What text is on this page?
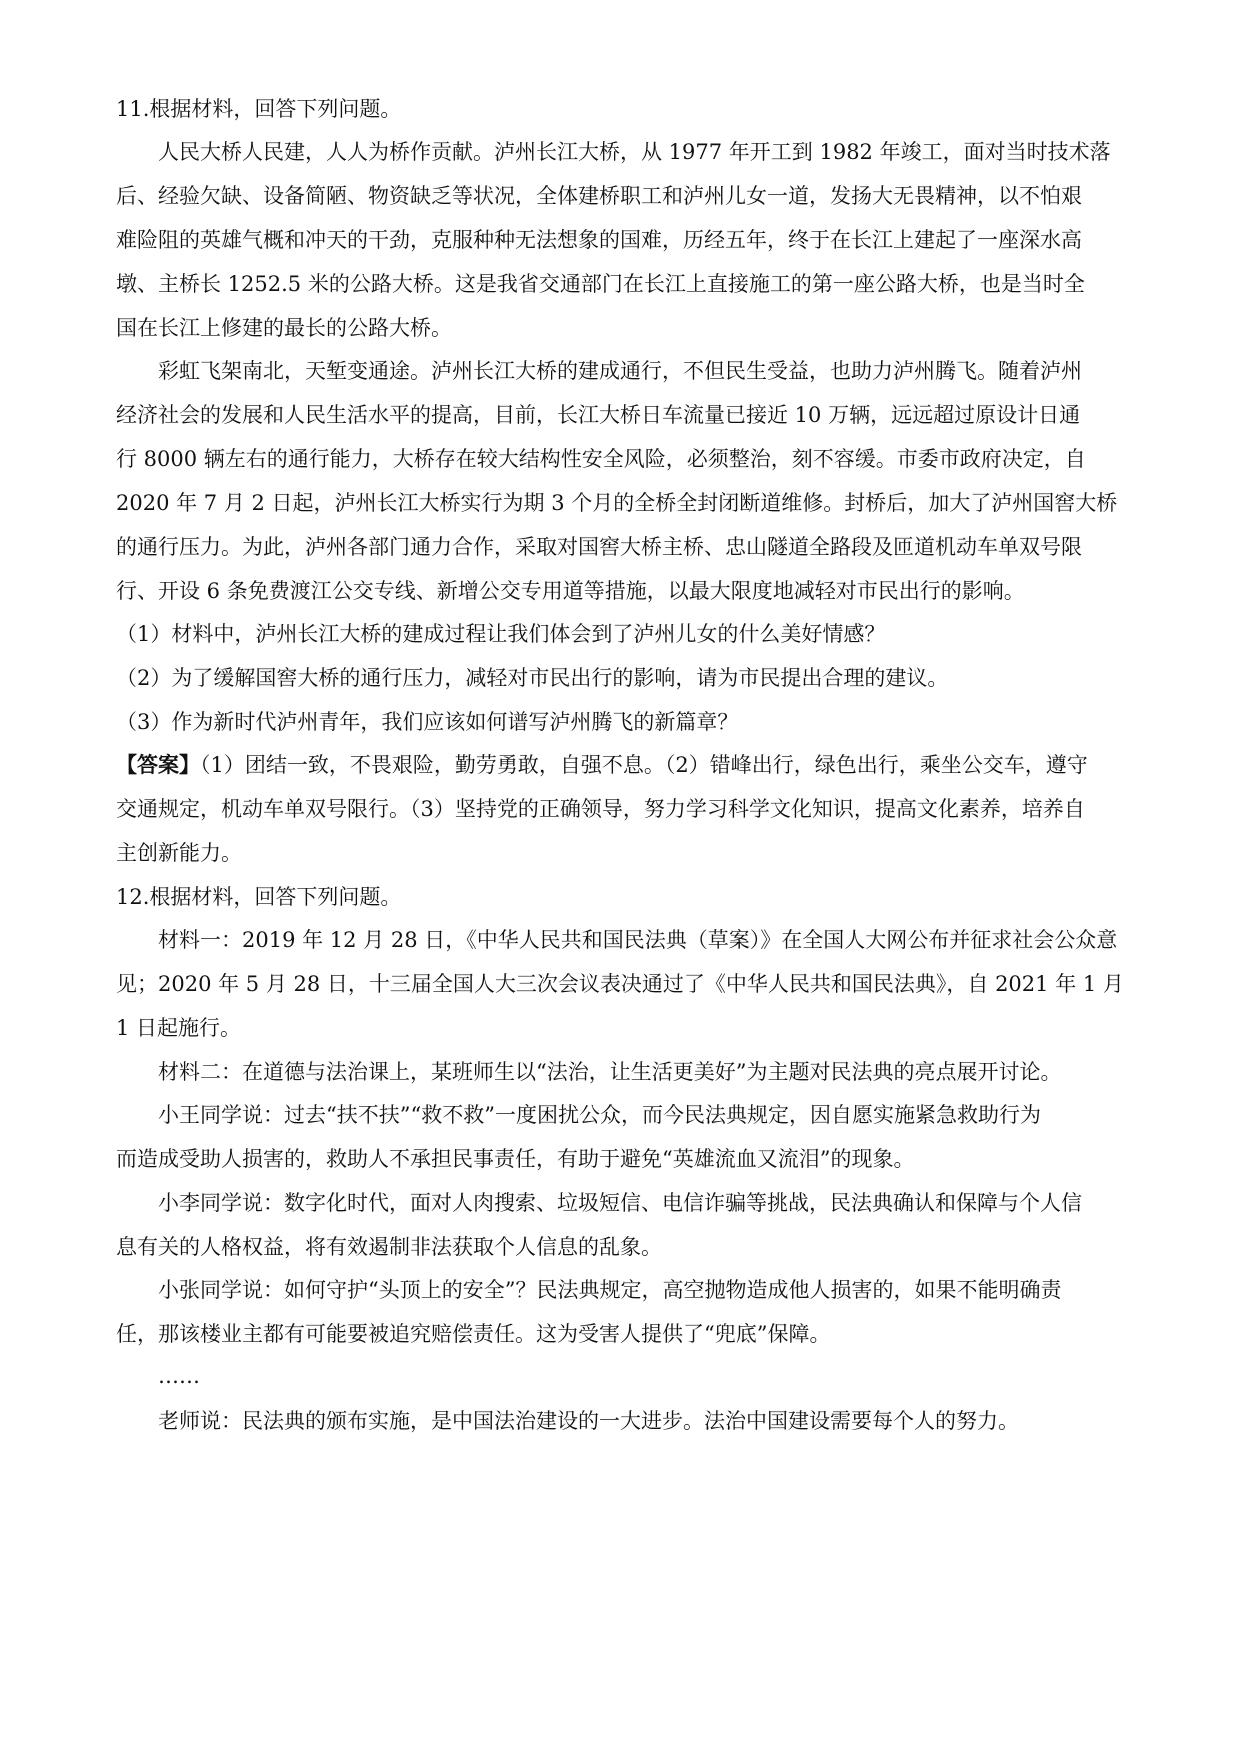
11.根据材料，回答下列问题。
人民大桥人民建，人人为桥作贡献。泸州长江大桥，从 1977 年开工到 1982 年竣工，面对当时技术落
后、经验欠缺、设备简陋、物资缺乏等状况，全体建桥职工和泸州儿女一道，发扬大无畏精神，以不怕艰
难险阻的英雄气概和冲天的干劲，克服种种无法想象的国难，历经五年，终于在长江上建起了一座深水高
墩、主桥长 1252.5 米的公路大桥。这是我省交通部门在长江上直接施工的第一座公路大桥，也是当时全
国在长江上修建的最长的公路大桥。
彩虹飞架南北，天堑变通途。泸州长江大桥的建成通行，不但民生受益，也助力泸州腾飞。随着泸州
经济社会的发展和人民生活水平的提高，目前，长江大桥日车流量已接近 10 万辆，远远超过原设计日通
行 8000 辆左右的通行能力，大桥存在较大结构性安全风险，必须整治，刻不容缓。市委市政府决定，自
2020 年 7 月 2 日起，泸州长江大桥实行为期 3 个月的全桥全封闭断道维修。封桥后，加大了泸州国窖大桥
的通行压力。为此，泸州各部门通力合作，采取对国窖大桥主桥、忠山隧道全路段及匝道机动车单双号限
行、开设 6 条免费渡江公交专线、新增公交专用道等措施，以最大限度地减轻对市民出行的影响。
（1）材料中，泸州长江大桥的建成过程让我们体会到了泸州儿女的什么美好情感？
（2）为了缓解国窖大桥的通行压力，减轻对市民出行的影响，请为市民提出合理的建议。
（3）作为新时代泸州青年，我们应该如何谱写泸州腾飞的新篇章？
【答案】（1）团结一致，不畏艰险，勤劳勇敢，自强不息。（2）错峰出行，绿色出行，乘坐公交车，遵守
交通规定，机动车单双号限行。（3）坚持党的正确领导，努力学习科学文化知识，提高文化素养，培养自
主创新能力。
12.根据材料，回答下列问题。
材料一：2019 年 12 月 28 日，《中华人民共和国民法典（草案）》在全国人大网公布并征求社会公众意
见；2020 年 5 月 28 日，十三届全国人大三次会议表决通过了《中华人民共和国民法典》，自 2021 年 1 月
1 日起施行。
材料二：在道德与法治课上，某班师生以“法治，让生活更美好”为主题对民法典的亮点展开讨论。
小王同学说：过去“扶不扶”“救不救”一度困扰公众，而今民法典规定，因自愿实施紧急救助行为
而造成受助人损害的，救助人不承担民事责任，有助于避免“英雄流血又流泪”的现象。
小李同学说：数字化时代，面对人肉搜索、垃圾短信、电信诈骗等挑战，民法典确认和保障与个人信
息有关的人格权益，将有效遏制非法获取个人信息的乱象。
小张同学说：如何守护“头顶上的安全”？民法典规定，高空抛物造成他人损害的，如果不能明确责
任，那该楼业主都有可能要被追究赔偿责任。这为受害人提供了“兜底”保障。
……
老师说：民法典的颁布实施，是中国法治建设的一大进步。法治中国建设需要每个人的努力。
